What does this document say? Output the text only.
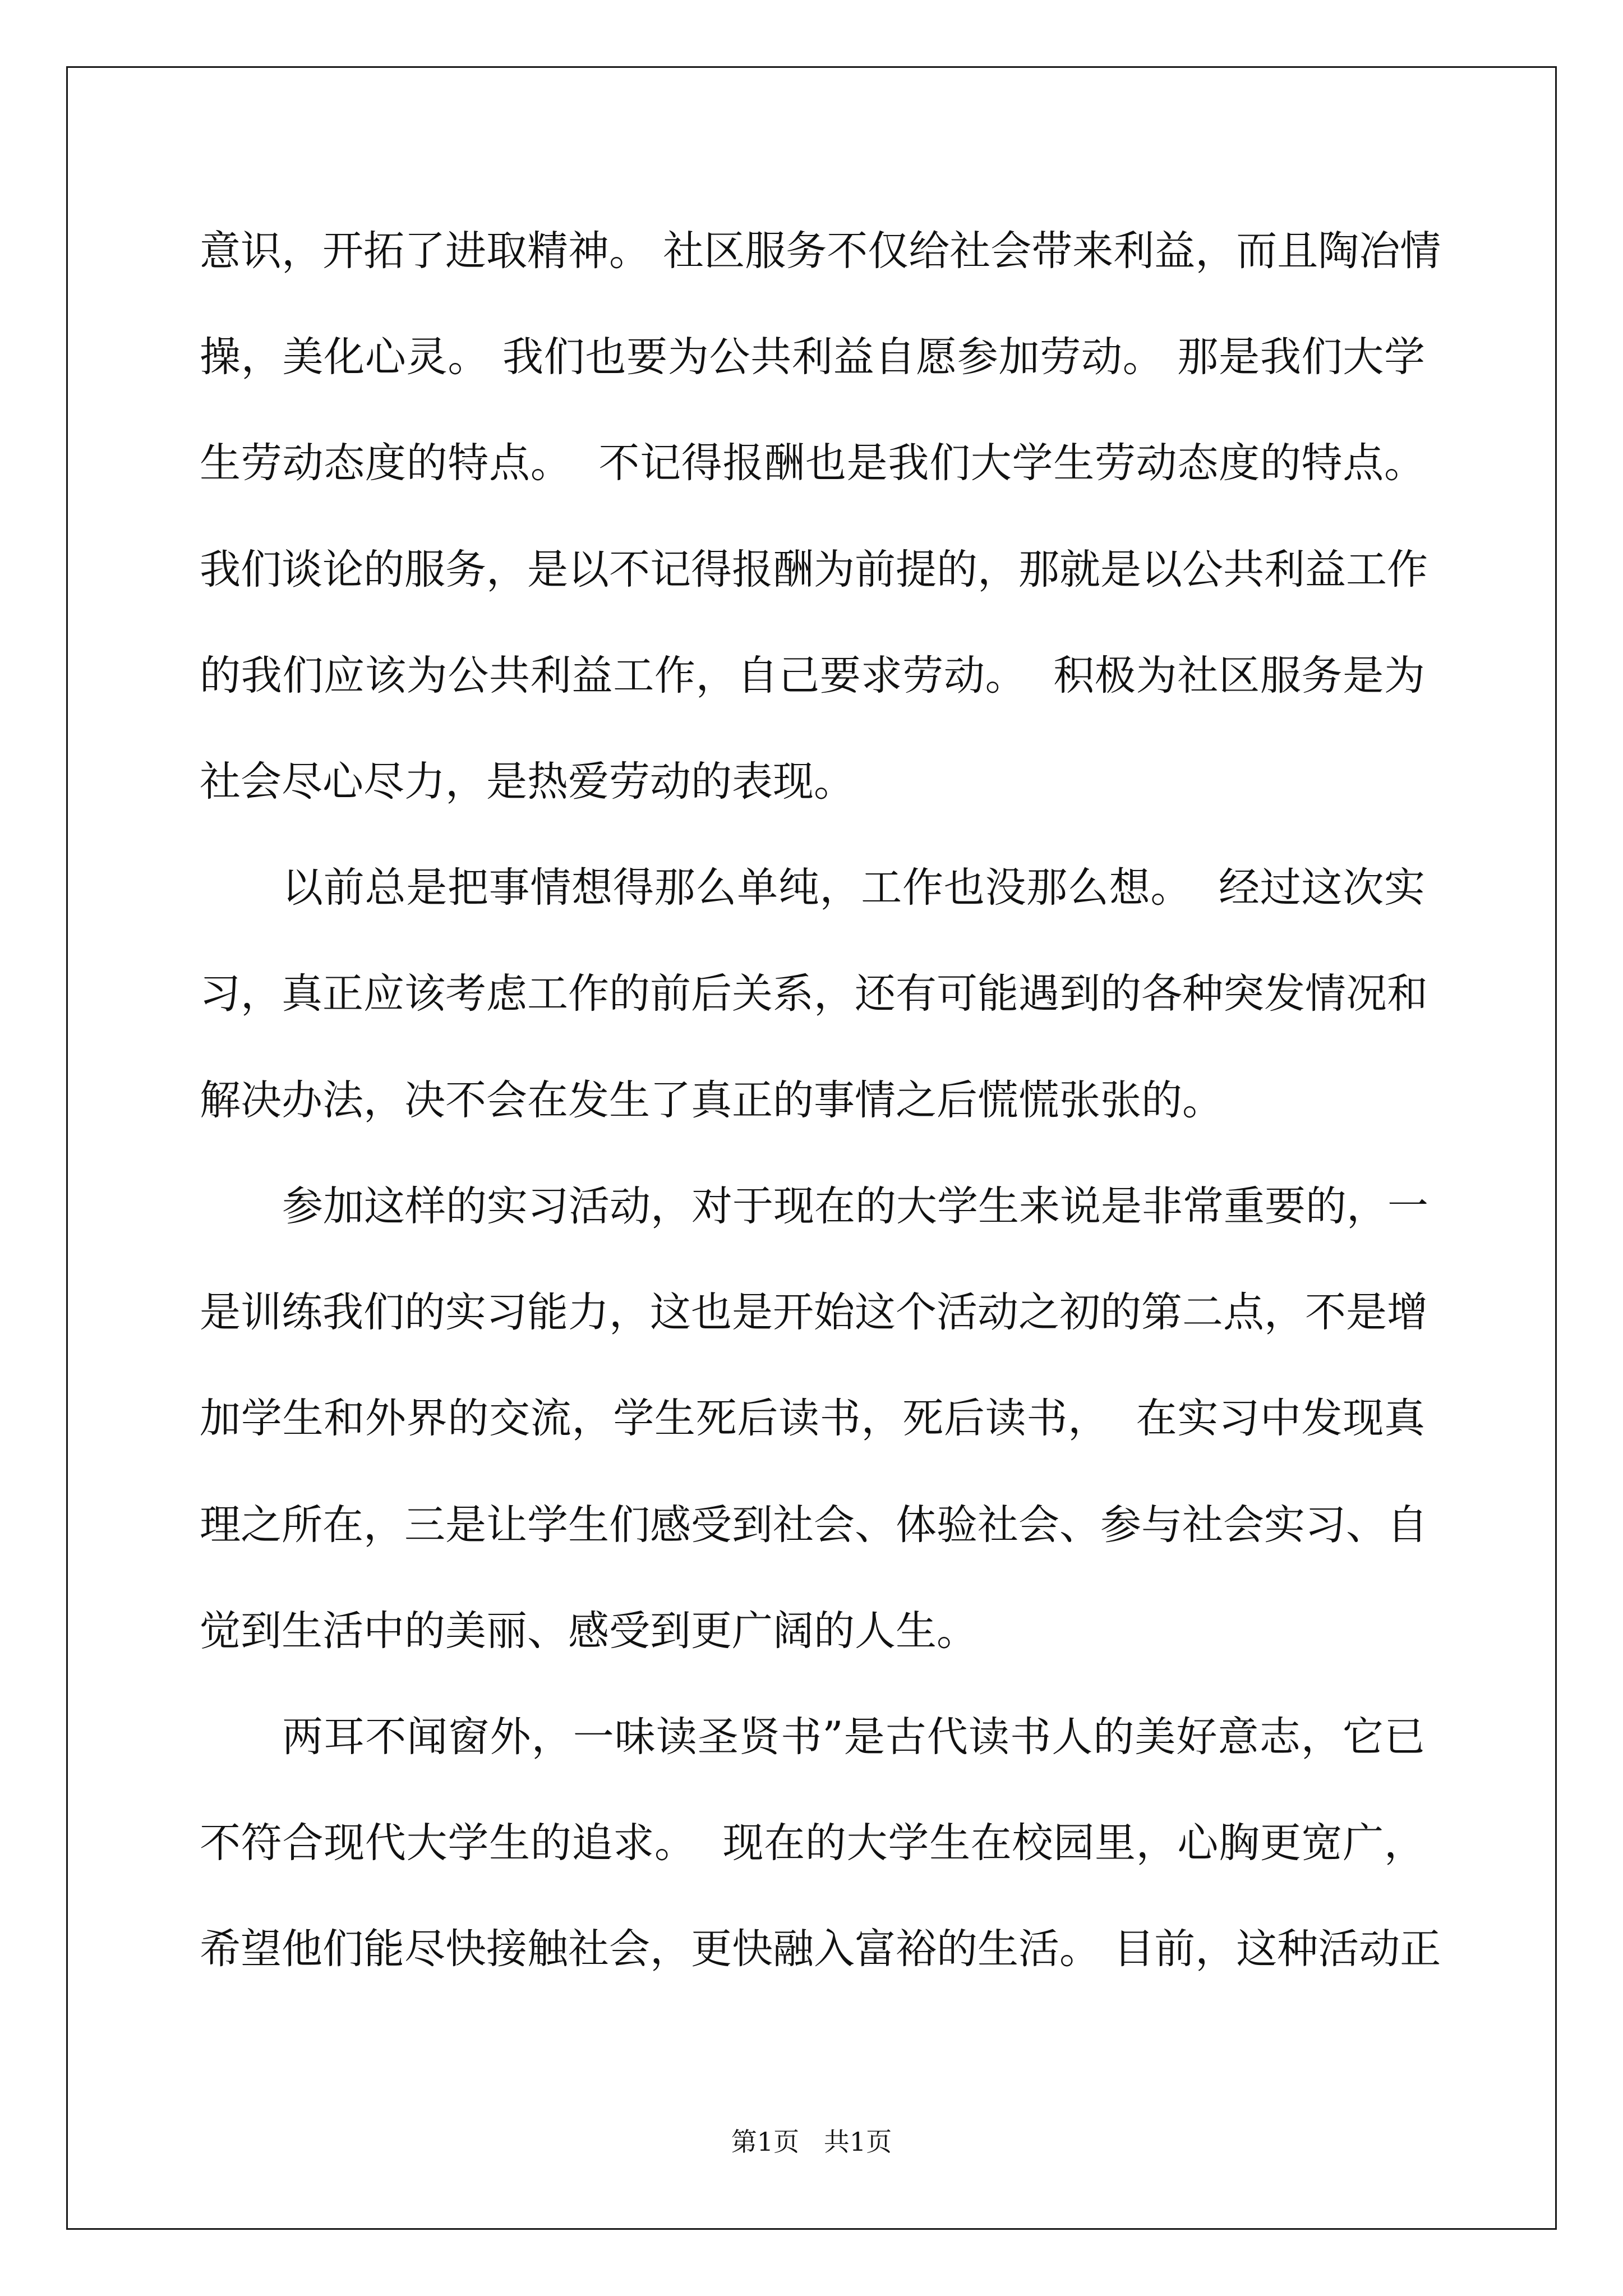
意识，开拓了进取精神。 社区服务不仅给社会带来利益，而且陶冶情
操，美化心灵。 我们也要为公共利益自愿参加劳动。 那是我们大学
生劳动态度的特点。  不记得报酬也是我们大学生劳动态度的特点。
我们谈论的服务，是以不记得报酬为前提的，那就是以公共利益工作
的我们应该为公共利益工作，自己要求劳动。  积极为社区服务是为
社会尽心尽力，是热爱劳动的表现。
以前总是把事情想得那么单纯，工作也没那么想。  经过这次实
习，真正应该考虑工作的前后关系，还有可能遇到的各种突发情况和
解决办法，决不会在发生了真正的事情之后慌慌张张的。
参加这样的实习活动，对于现在的大学生来说是非常重要的，一
是训练我们的实习能力，这也是开始这个活动之初的第二点，不是增
加学生和外界的交流，学生死后读书，死后读书，  在实习中发现真
理之所在，三是让学生们感受到社会、体验社会、参与社会实习、自
觉到生活中的美丽、感受到更广阔的人生。
两耳不闻窗外，一味读圣贤书”是古代读书人的美好意志，它已
不符合现代大学生的追求。  现在的大学生在校园里，心胸更宽广，
希望他们能尽快接触社会，更快融入富裕的生活。 目前，这种活动正
第1页   共1页
